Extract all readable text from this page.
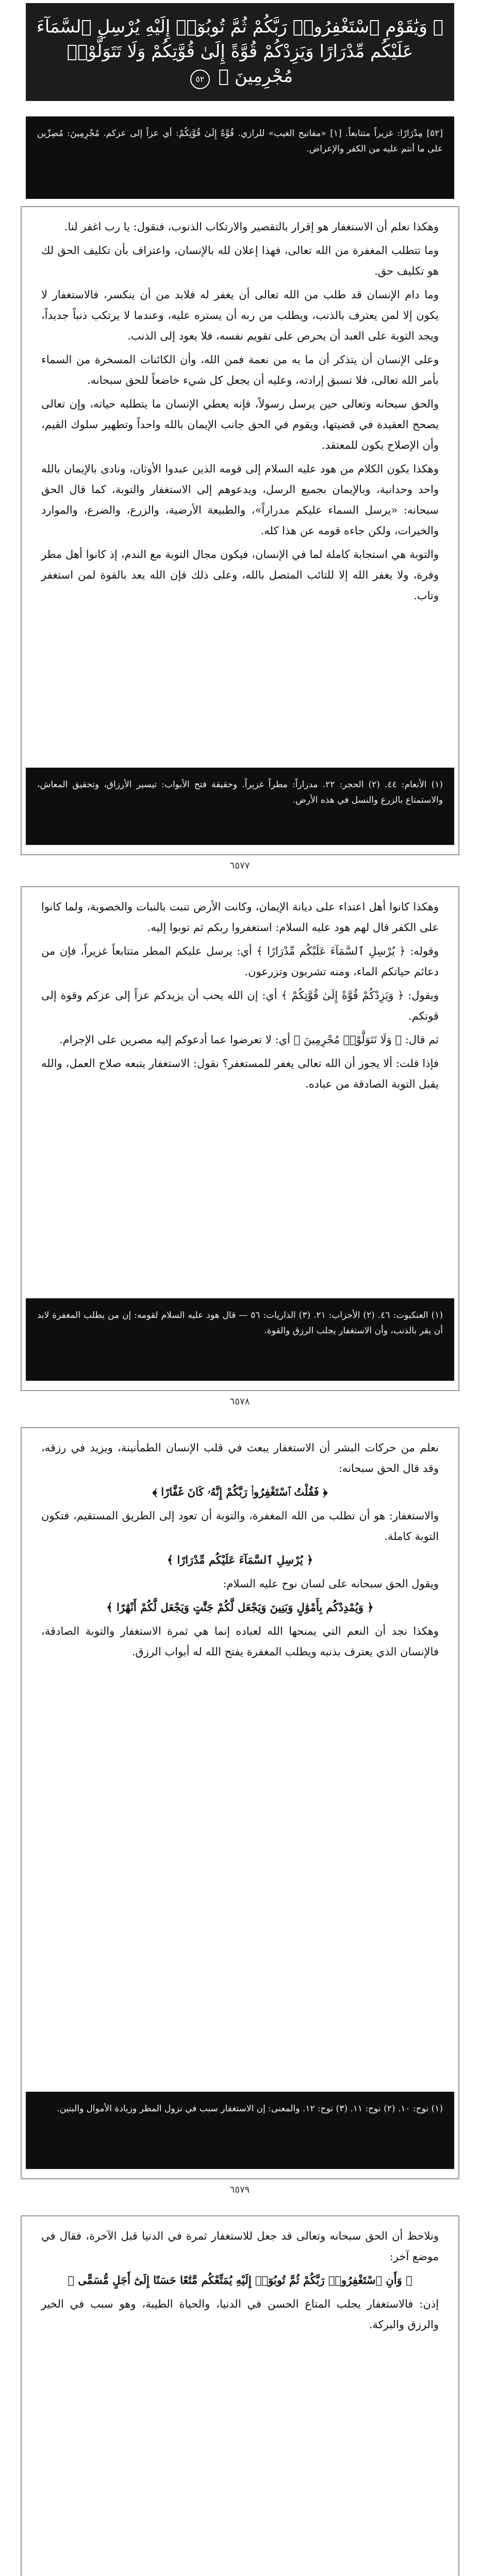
﴿ وَيَٰقَوْمِ ٱسْتَغْفِرُوا۟ رَبَّكُمْ ثُمَّ تُوبُوٓا۟ إِلَيْهِ يُرْسِلِ ٱلسَّمَآءَ عَلَيْكُم مِّدْرَارًا وَيَزِدْكُمْ قُوَّةً إِلَىٰ قُوَّتِكُمْ وَلَا تَتَوَلَّوْا۟ مُجْرِمِينَ ﴾ ٥٢
[٥٢] مِدْرَارًا: غزيراً متتابعاً. [١] «مفاتيح الغيب» للرازي. قُوَّةً إِلَىٰ قُوَّتِكُمْ: أي عزاً إلى عزكم. مُجْرِمِينَ: مُصِرِّين على ما أنتم عليه من الكفر والإعراض.

وهكذا نعلم أن الاستغفار هو إقرار بالتقصير والارتكاب الذنوب، فنقول: يا رب اغفر لنا.

وما تتطلب المغفرة من الله تعالى، فهذا إعلان لله بالإنسان، واعتراف بأن تكليف الحق لك هو تكليف حق.

وما دام الإنسان قد طلب من الله تعالى أن يغفر له فلابد من أن ينكسر، فالاستغفار لا يكون إلا لمن يعترف بالذنب، ويطلب من ربه أن يستره عليه، وعندما لا يرتكب ذنباً جديداً، ويجد التوبة على العبد أن يحرص على تقويم نفسه، فلا يعود إلى الذنب.

وعلى الإنسان أن يتذكر أن ما به من نعمة فمن الله، وأن الكائنات المسخرة من السماء بأمر الله تعالى، فلا تسبق إرادته، وعليه أن يجعل كل شيء خاضعاً للحق سبحانه.

والحق سبحانه وتعالى حين يرسل رسولاً، فإنه يعطي الإنسان ما يتطلبه حياته، وإن تعالى يصحح العقيدة في قضيتها، ويقوم في الحق جانب الإيمان بالله واحداً وتطهير سلوك القيم، وأن الإصلاح يكون للمعتقد.

وهكذا يكون الكلام من هود عليه السلام إلى قومه الذين عبدوا الأوثان، ونادى بالإيمان بالله واحد وحدانية، وبالإيمان بجميع الرسل، ويدعوهم إلى الاستغفار والتوبة، كما قال الحق سبحانه: «يرسل السماء عليكم مدراراً»، والطبيعة الأرضية، والزرع، والضرع، والموارد والخيرات، ولكن جاءه قومه عن هذا كله.

والتوبة هي استجابة كاملة لما في الإنسان، فيكون مجال التوبة مع الندم، إذ كانوا أهل مطر وفرة، ولا يغفر الله إلا للتائب المتصل بالله، وعلى ذلك فإن الله يعد بالقوة لمن استغفر وتاب.

(١) الأنعام: ٤٤. (٢) الحجر: ٢٢. مدراراً: مطراً غزيراً. وحقيقة فتح الأبواب: تيسير الأرزاق، وتحقيق المعاش، والاستمتاع بالزرع والنسل في هذه الأرض.
٦٥٧٧

وهكذا كانوا أهل اعتداء على ديانة الإيمان، وكانت الأرض تنبت بالنبات والخصوبة، ولما كانوا على الكفر قال لهم هود عليه السلام: استغفروا ربكم ثم توبوا إليه.

وقوله: ﴿ يُرْسِلِ ٱلسَّمَآءَ عَلَيْكُم مِّدْرَارًا ﴾ أي: يرسل عليكم المطر متتابعاً غزيراً، فإن من دعائم حياتكم الماء، ومنه تشربون وتزرعون.

ويقول: ﴿ وَيَزِدْكُمْ قُوَّةً إِلَىٰ قُوَّتِكُمْ ﴾ أي: إن الله يحب أن يزيدكم عزاً إلى عزكم وقوة إلى قوتكم.

ثم قال: ﴿ وَلَا تَتَوَلَّوْا۟ مُجْرِمِينَ ﴾ أي: لا تعرضوا عما أدعوكم إليه مصرين على الإجرام.

فإذا قلت: ألا يجوز أن الله تعالى يغفر للمستغفر؟ نقول: الاستغفار يتبعه صلاح العمل، والله يقبل التوبة الصادقة من عباده.

(١) العنكبوت: ٤٦. (٢) الأحزاب: ٢١. (٣) الذاريات: ٥٦ — قال هود عليه السلام لقومه: إن من يطلب المغفرة لابد أن يقر بالذنب، وأن الاستغفار يجلب الرزق والقوة.
٦٥٧٨

نعلم من حركات البشر أن الاستغفار يبعث في قلب الإنسان الطمأنينة، ويزيد في رزقه، وقد قال الحق سبحانه:

﴿ فَقُلْتُ ٱسْتَغْفِرُوا۟ رَبَّكُمْ إِنَّهُۥ كَانَ غَفَّارًا ﴾

والاستغفار: هو أن تطلب من الله المغفرة، والتوبة أن تعود إلى الطريق المستقيم، فتكون التوبة كاملة.

﴿ يُرْسِلِ ٱلسَّمَآءَ عَلَيْكُم مِّدْرَارًا ﴾

ويقول الحق سبحانه على لسان نوح عليه السلام:

﴿ وَيُمْدِدْكُم بِأَمْوَٰلٍ وَبَنِينَ وَيَجْعَل لَّكُمْ جَنَّٰتٍ وَيَجْعَل لَّكُمْ أَنْهَٰرًا ﴾

وهكذا نجد أن النعم التي يمنحها الله لعباده إنما هي ثمرة الاستغفار والتوبة الصادقة، فالإنسان الذي يعترف بذنبه ويطلب المغفرة يفتح الله له أبواب الرزق.

(١) نوح: ١٠. (٢) نوح: ١١. (٣) نوح: ١٢. والمعنى: إن الاستغفار سبب في نزول المطر وزيادة الأموال والبنين.
٦٥٧٩

ونلاحظ أن الحق سبحانه وتعالى قد جعل للاستغفار ثمرة في الدنيا قبل الآخرة، فقال في موضع آخر:

﴿ وَأَنِ ٱسْتَغْفِرُوا۟ رَبَّكُمْ ثُمَّ تُوبُوٓا۟ إِلَيْهِ يُمَتِّعْكُم مَّتَٰعًا حَسَنًا إِلَىٰٓ أَجَلٍ مُّسَمًّى ﴾

إذن: فالاستغفار يجلب المتاع الحسن في الدنيا، والحياة الطيبة، وهو سبب في الخير والرزق والبركة.
